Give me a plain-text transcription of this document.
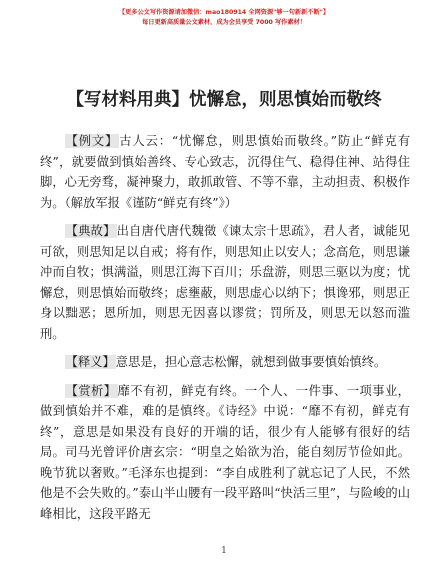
【更多公文写作资源请加微信：mao180914 全网资源"够一句新新不断"】
每日更新高质量公文素材，成为会员享受 7000 写作素材！
【写材料用典】忧懈怠，则思慎始而敬终

【例文】古人云：“忧懈怠，则思慎始而敬终。”防止“鲜克有终”，就要做到慎始善终、专心致志，沉得住气、稳得住神、站得住脚，心无旁骛，凝神聚力，敢抓敢管、不等不靠，主动担责、积极作为。（解放军报《谨防“鲜克有终”》）

【典故】出自唐代唐代魏徵《谏太宗十思疏》，君人者，诚能见可欲，则思知足以自戒；将有作，则思知止以安人；念高危，则思谦冲而自牧；惧满溢，则思江海下百川；乐盘游，则思三驱以为度；忧懈怠，则思慎始而敬终；虑壅蔽，则思虚心以纳下；惧谗邪，则思正身以黜恶；恩所加，则思无因喜以谬赏；罚所及，则思无以怒而滥刑。

【释义】意思是，担心意志松懈，就想到做事要慎始慎终。

【赏析】靡不有初，鲜克有终。一个人、一件事、一项事业，做到慎始并不难，难的是慎终。《诗经》中说：“靡不有初，鲜克有终”，意思是如果没有良好的开端的话，很少有人能够有很好的结局。司马光曾评价唐玄宗：“明皇之始欲为治，能自刻厉节俭如此。晚节犹以奢败。”毛泽东也提到：“李自成胜利了就忘记了人民，不然他是不会失败的。”泰山半山腰有一段平路叫“快活三里”，与险峻的山峰相比，这段平路无

1
